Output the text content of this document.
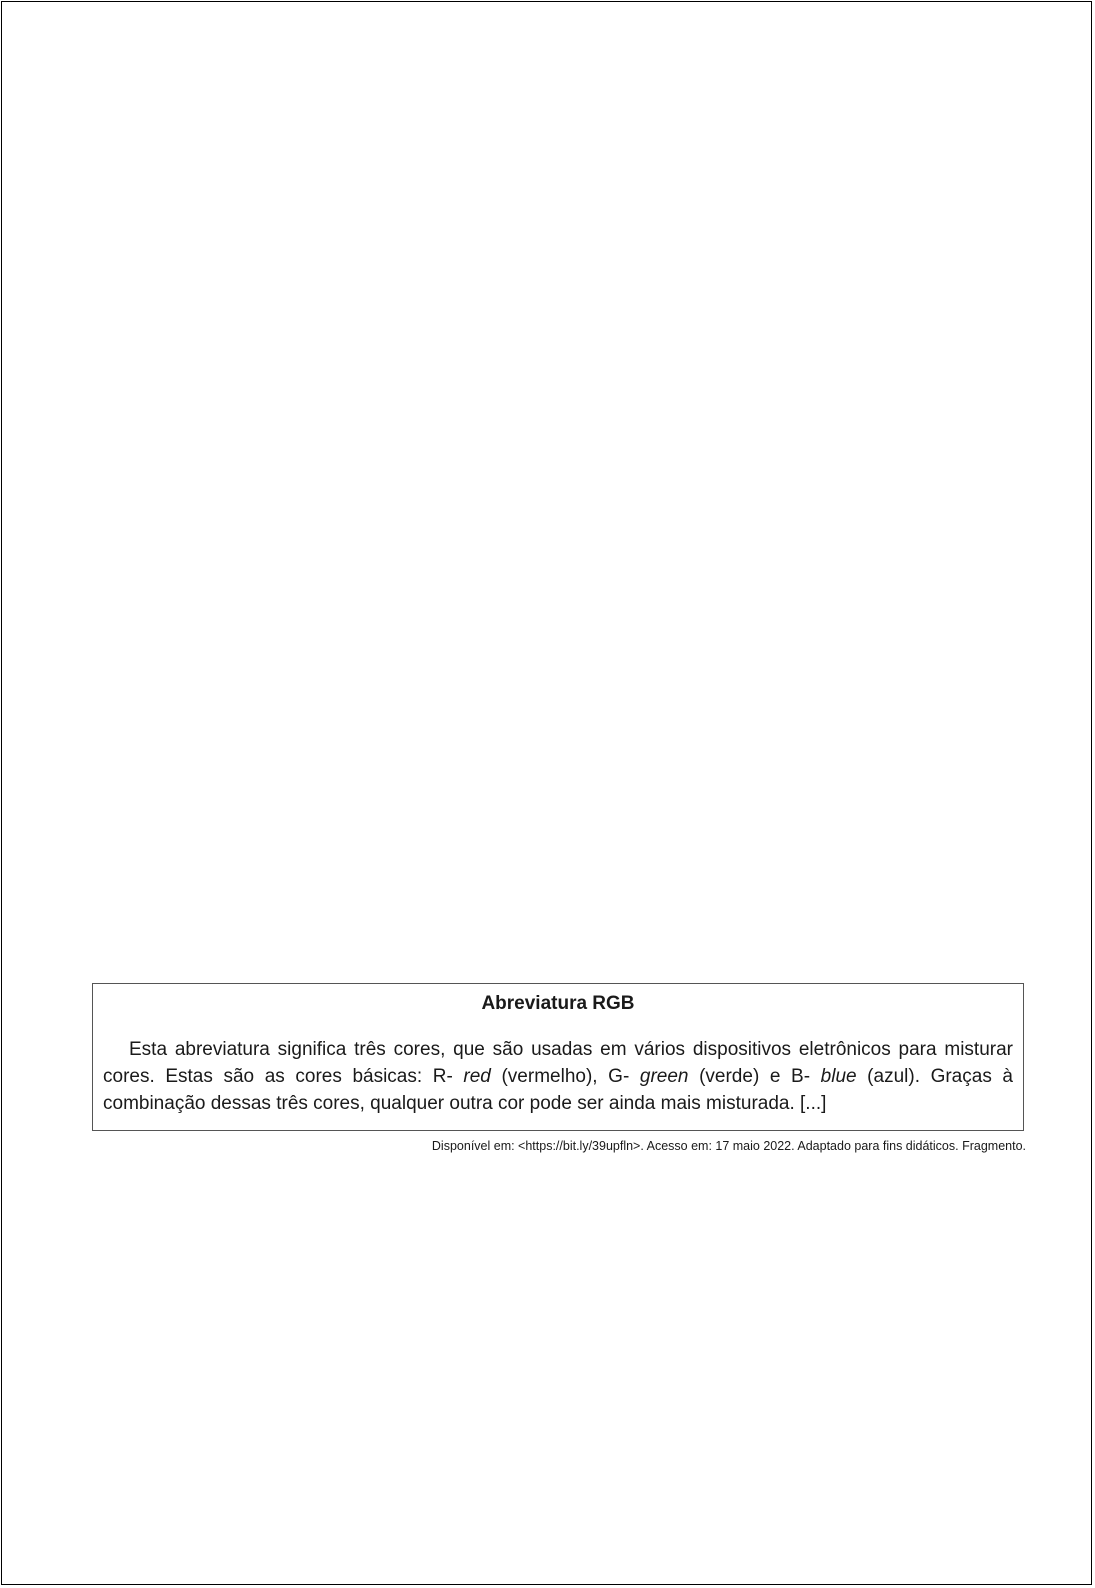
Abreviatura RGB

Esta abreviatura significa três cores, que são usadas em vários dispositivos eletrônicos para misturar cores. Estas são as cores básicas: R- red (vermelho), G- green (verde) e B- blue (azul). Graças à combinação dessas três cores, qualquer outra cor pode ser ainda mais misturada. [...]

Disponível em: <https://bit.ly/39upfln>. Acesso em: 17 maio 2022. Adaptado para fins didáticos. Fragmento.
